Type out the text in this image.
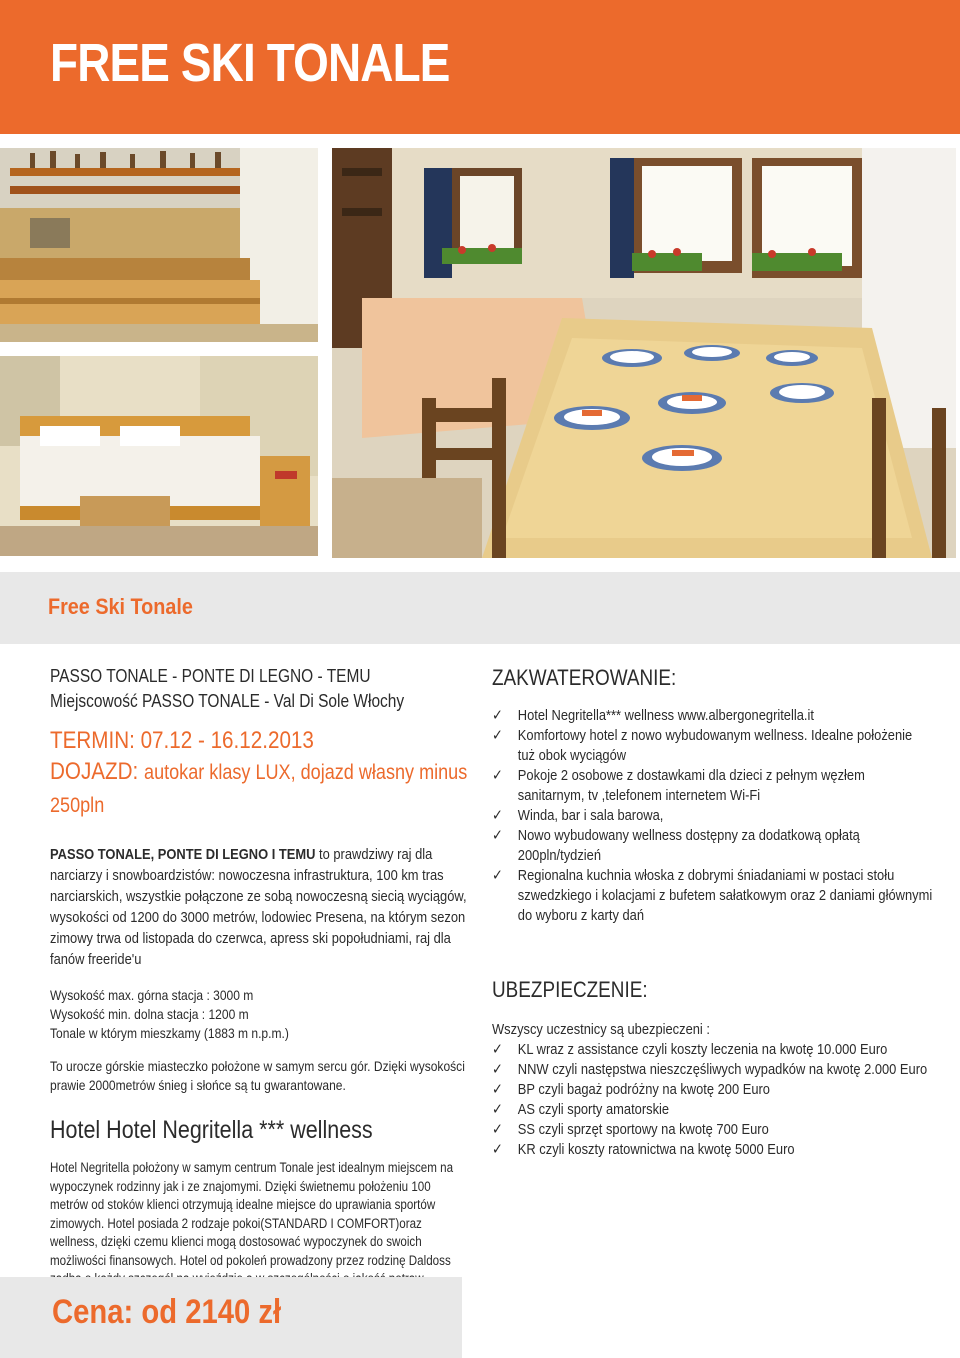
FREE SKI TONALE
Free Ski Tonale
PASSO TONALE - PONTE DI LEGNO - TEMU
Miejscowość PASSO TONALE - Val Di Sole Włochy
TERMIN: 07.12 - 16.12.2013
DOJAZD: autokar klasy LUX, dojazd własny minus 250pln

PASSO TONALE, PONTE DI LEGNO I TEMU to prawdziwy raj dla narciarzy i snowboardzistów: nowoczesna infrastruktura, 100 km tras narciarskich, wszystkie połączone ze sobą nowoczesną siecią wyciągów, wysokości od 1200 do 3000 metrów, lodowiec Presena, na którym sezon zimowy trwa od listopada do czerwca, apress ski popołudniami, raj dla fanów freeride'u

Wysokość max. górna stacja : 3000 m
Wysokość min. dolna stacja : 1200 m
Tonale w którym mieszkamy (1883 m n.p.m.)

To urocze górskie miasteczko położone w samym sercu gór. Dzięki wysokości prawie 2000metrów śnieg i słońce są tu gwarantowane.

Hotel Hotel Negritella *** wellness

Hotel Negritella położony w samym centrum Tonale jest idealnym miejscem na wypoczynek rodzinny jak i ze znajomymi. Dzięki świetnemu położeniu 100 metrów od stoków klienci otrzymują idealne miejsce do uprawiania sportów zimowych. Hotel posiada 2 rodzaje pokoi(STANDARD I COMFORT)oraz wellness, dzięki czemu klienci mogą dostosować wypoczynek do swoich możliwości finansowych. Hotel od pokoleń prowadzony przez rodzinę Daldoss

ZAKWATEROWANIE:
✓ Hotel Negritella*** wellness www.albergonegritella.it
✓ Komfortowy hotel z nowo wybudowanym wellness. Idealne położenie tuż obok wyciągów
✓ Pokoje 2 osobowe z dostawkami dla dzieci z pełnym węzłem sanitarnym, tv ,telefonem internetem Wi-Fi
✓ Winda, bar i sala barowa,
✓ Nowo wybudowany wellness dostępny za dodatkową opłatą 200pln/tydzień
✓ Regionalna kuchnia włoska z dobrymi śniadaniami w postaci stołu szwedzkiego i kolacjami z bufetem sałatkowym oraz 2 daniami głównymi do wyboru z karty dań
UBEZPIECZENIE:
Wszyscy uczestnicy są ubezpieczeni :
✓ KL wraz z assistance czyli koszty leczenia na kwotę 10.000 Euro
✓ NNW czyli następstwa nieszczęśliwych wypadków na kwotę 2.000 Euro
✓ BP czyli bagaż podróżny na kwotę 200 Euro
✓ AS czyli sporty amatorskie
✓ SS czyli sprzęt sportowy na kwotę 700 Euro
✓ KR czyli koszty ratownictwa na kwotę 5000 Euro
Cena: od 2140 zł
